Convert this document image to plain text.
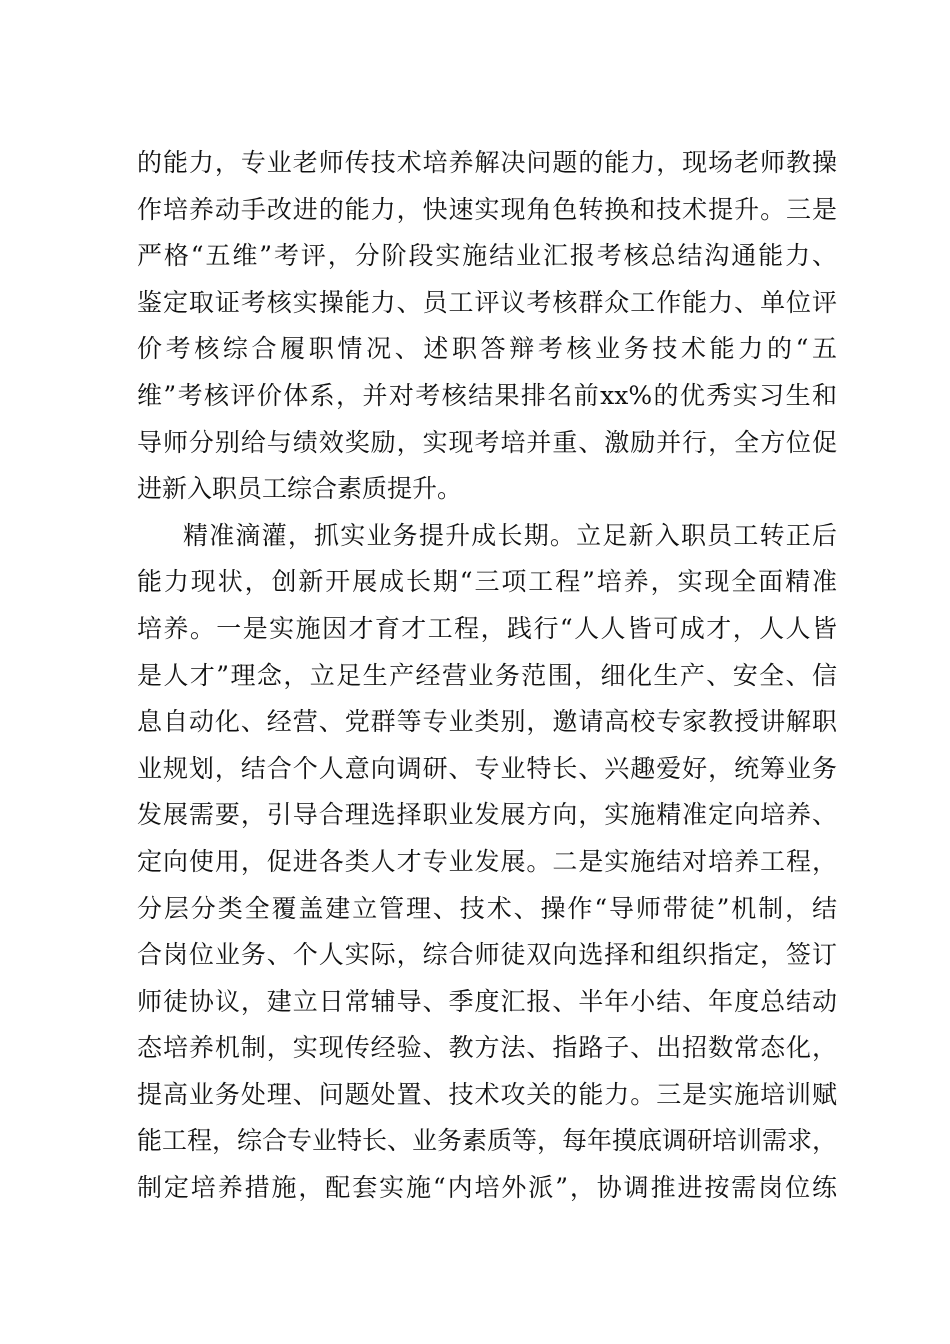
的能力，专业老师传技术培养解决问题的能力，现场老师教操
作培养动手改进的能力，快速实现角色转换和技术提升。三是
严格“五维”考评，分阶段实施结业汇报考核总结沟通能力、
鉴定取证考核实操能力、员工评议考核群众工作能力、单位评
价考核综合履职情况、述职答辩考核业务技术能力的“五
维”考核评价体系，并对考核结果排名前xx%的优秀实习生和
导师分别给与绩效奖励，实现考培并重、激励并行，全方位促
进新入职员工综合素质提升。
精准滴灌，抓实业务提升成长期。立足新入职员工转正后
能力现状，创新开展成长期“三项工程”培养，实现全面精准
培养。一是实施因才育才工程，践行“人人皆可成才，人人皆
是人才”理念，立足生产经营业务范围，细化生产、安全、信
息自动化、经营、党群等专业类别，邀请高校专家教授讲解职
业规划，结合个人意向调研、专业特长、兴趣爱好，统筹业务
发展需要，引导合理选择职业发展方向，实施精准定向培养、
定向使用，促进各类人才专业发展。二是实施结对培养工程，
分层分类全覆盖建立管理、技术、操作“导师带徒”机制，结
合岗位业务、个人实际，综合师徒双向选择和组织指定，签订
师徒协议，建立日常辅导、季度汇报、半年小结、年度总结动
态培养机制，实现传经验、教方法、指路子、出招数常态化，
提高业务处理、问题处置、技术攻关的能力。三是实施培训赋
能工程，综合专业特长、业务素质等，每年摸底调研培训需求，
制定培养措施，配套实施“内培外派”，协调推进按需岗位练
